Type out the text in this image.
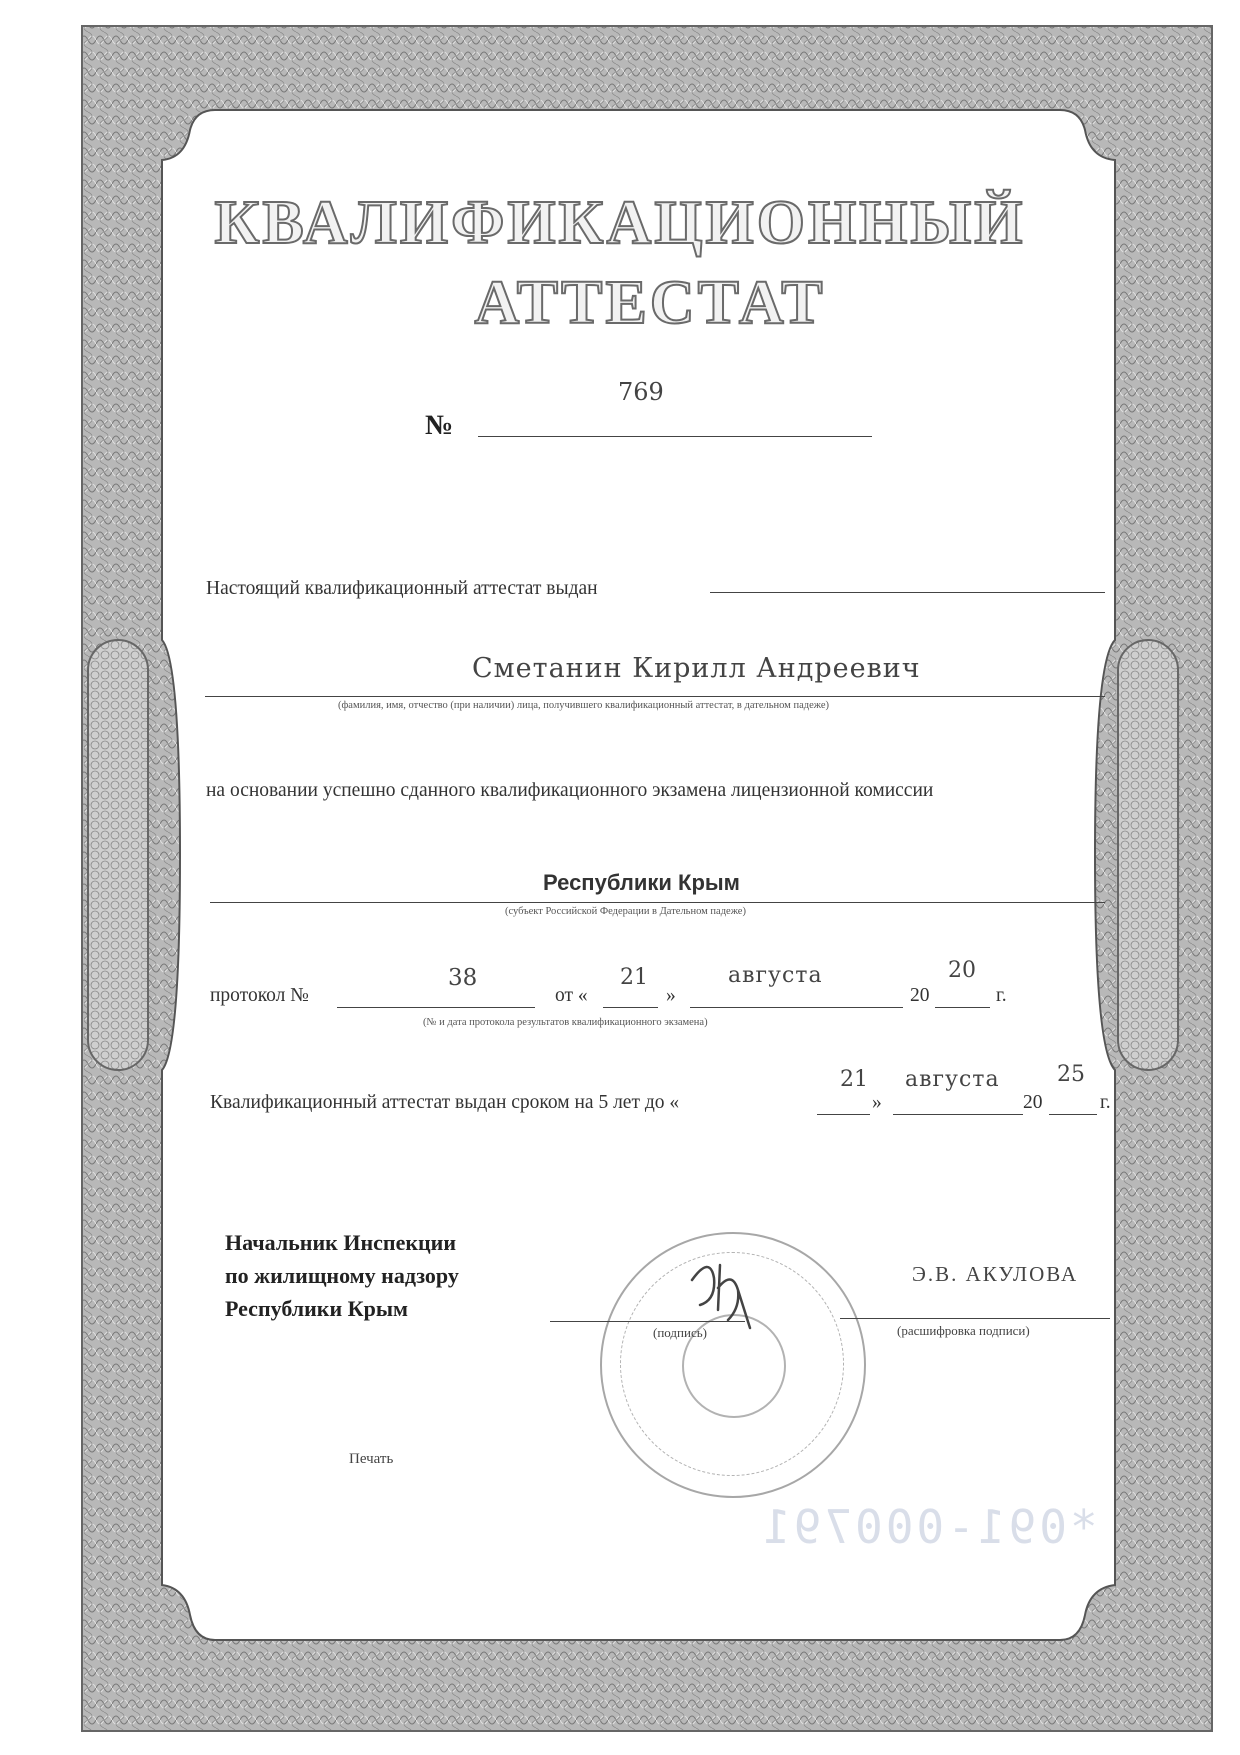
КВАЛИФИКАЦИОННЫЙ
АТТЕСТАТ
769
№
Настоящий квалификационный аттестат выдан
Сметанин Кирилл Андреевич
(фамилия, имя, отчество (при наличии) лица, получившего квалификационный аттестат, в дательном падеже)
на основании успешно сданного квалификационного экзамена лицензионной комиссии
Республики Крым
(субъект Российской Федерации в Дательном падеже)
протокол №
38
от «
21
»
августа
20
20
г.
(№ и дата протокола результатов квалификационного экзамена)
Квалификационный аттестат выдан сроком на 5 лет до «
21
»
августа
20
25
г.
Начальник Инспекции
по жилищному надзору
Республики Крым
(подпись)
Э.В. АКУЛОВА
(расшифровка подписи)
Печать
*091-000791
